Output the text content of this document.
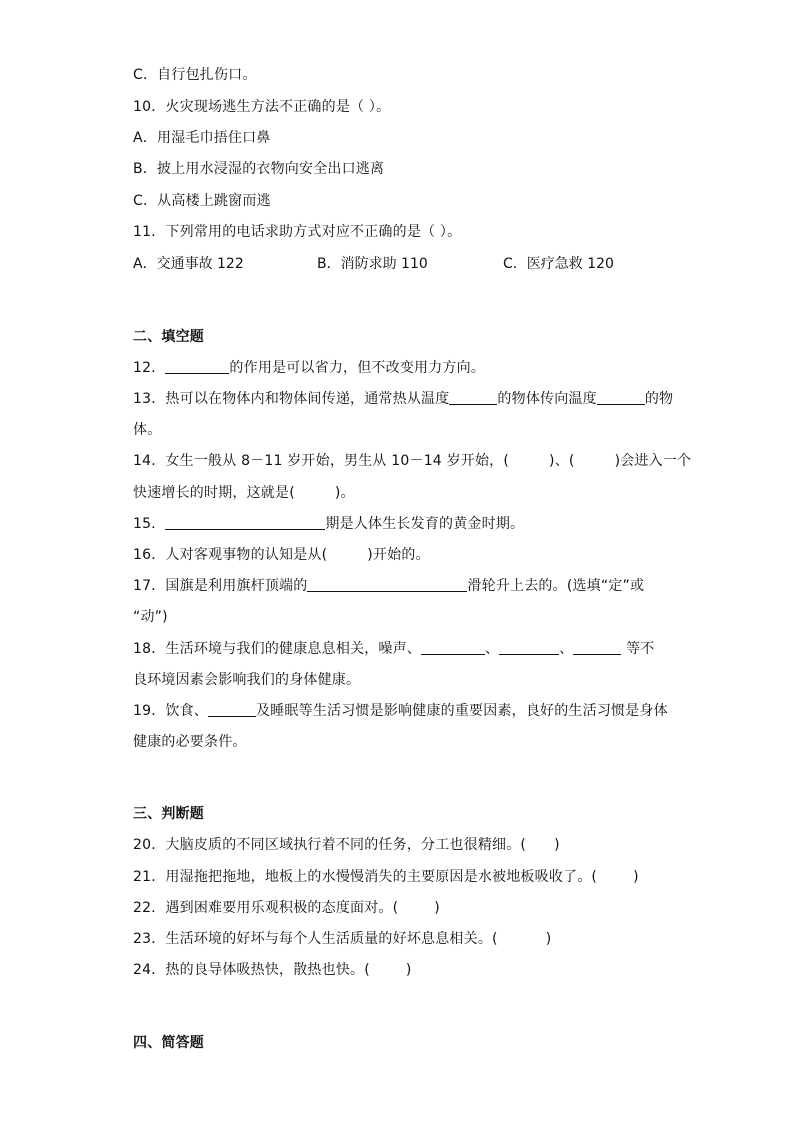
C．自行包扎伤口。
10．火灾现场逃生方法不正确的是（ ）。
A．用湿毛巾捂住口鼻
B．披上用水浸湿的衣物向安全出口逃离
C．从高楼上跳窗而逃
11．下列常用的电话求助方式对应不正确的是（ ）。
A．交通事故 122	B．消防求助 110	C．医疗急救 120
二、填空题
12．	的作用是可以省力，但不改变用力方向。
13．热可以在物体内和物体间传递，通常热从温度	的物体传向温度	的物
体。
14．女生一般从 8－11 岁开始，男生从 10－14 岁开始，(	)、(	)会进入一个
快速增长的时期，这就是(	)。
15．	期是人体生长发育的黄金时期。
16．人对客观事物的认知是从(	)开始的。
17．国旗是利用旗杆顶端的	滑轮升上去的。(选填“定”或
“动”)
18．生活环境与我们的健康息息相关，噪声、	、	、	等不
良环境因素会影响我们的身体健康。
19．饮食、	及睡眠等生活习惯是影响健康的重要因素，良好的生活习惯是身体
健康的必要条件。
三、判断题
20．大脑皮质的不同区域执行着不同的任务，分工也很精细。( )
21．用湿拖把拖地，地板上的水慢慢消失的主要原因是水被地板吸收了。(	)
22．遇到困难要用乐观积极的态度面对。(	)
23．生活环境的好坏与每个人生活质量的好坏息息相关。(	)
24．热的良导体吸热快，散热也快。(	)
四、简答题
